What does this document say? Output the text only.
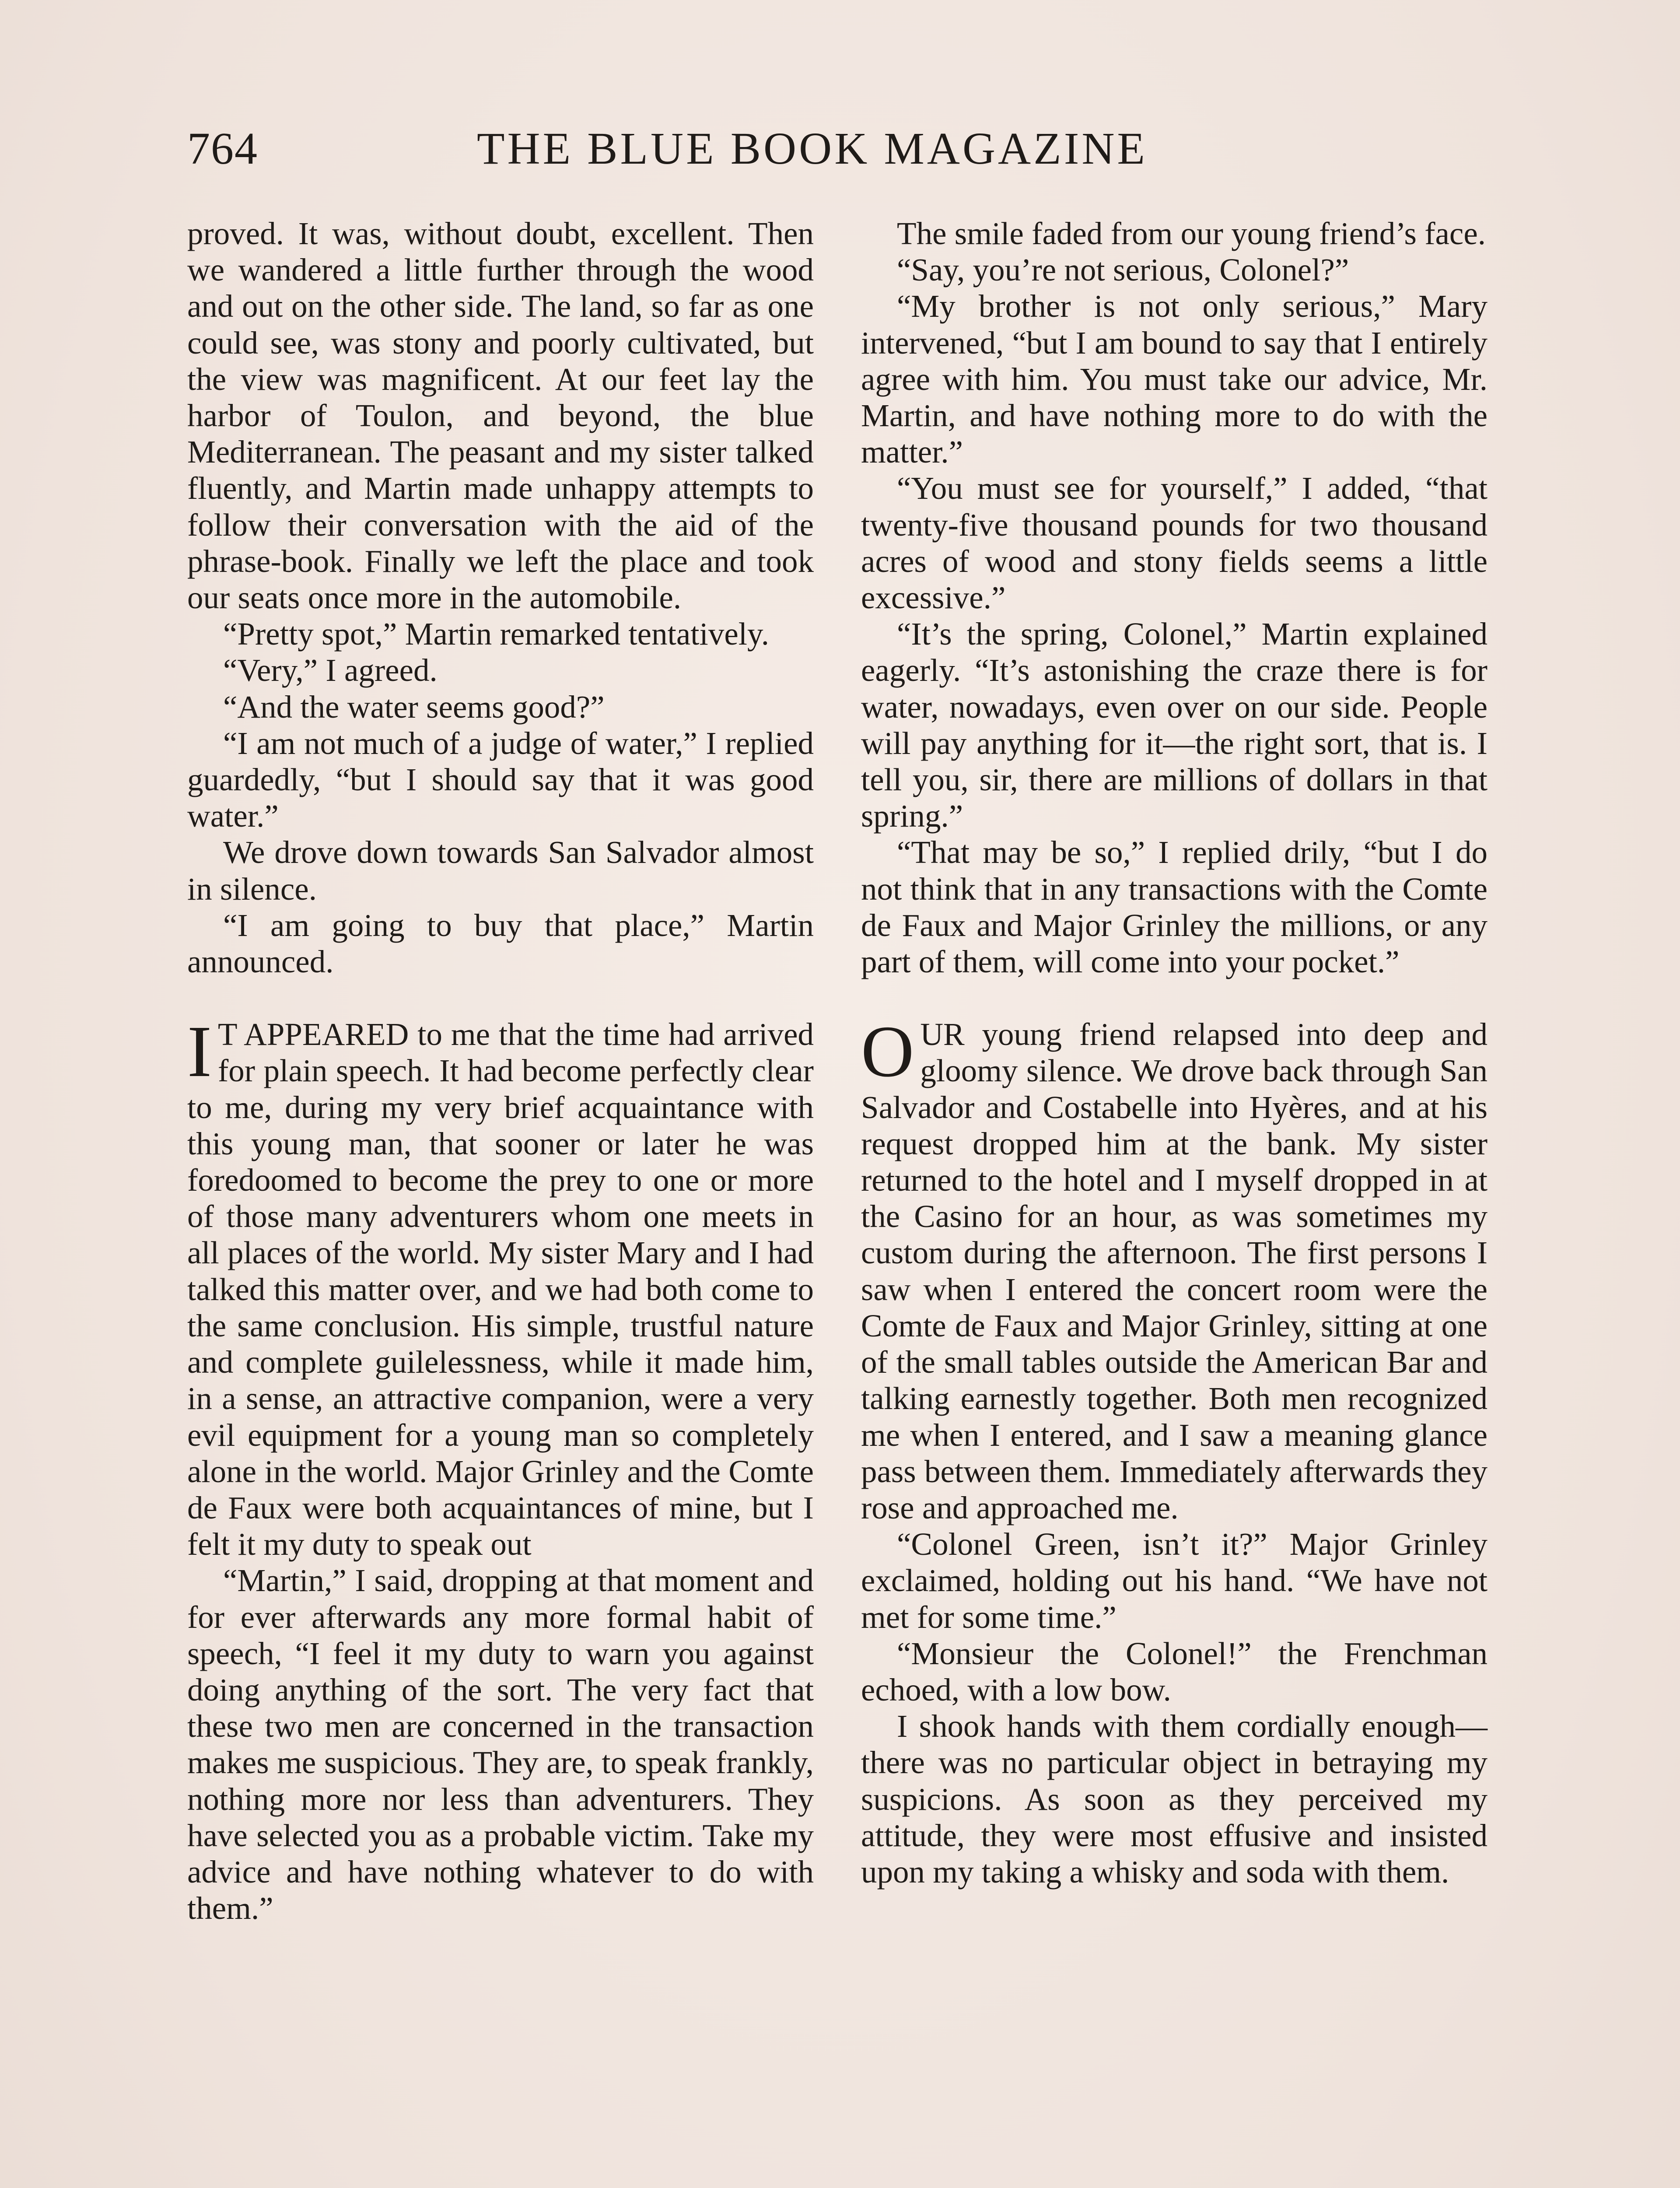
764	THE BLUE BOOK MAGAZINE

proved. It was, without doubt, excellent. Then we wandered a little further through the wood and out on the other side. The land, so far as one could see, was stony and poorly cultivated, but the view was magnificent. At our feet lay the harbor of Toulon, and beyond, the blue Mediterranean. The peasant and my sister talked fluently, and Martin made unhappy attempts to follow their conversation with the aid of the phrase-book. Finally we left the place and took our seats once more in the automobile.

“Pretty spot,” Martin remarked tentatively.

“Very,” I agreed.

“And the water seems good?”

“I am not much of a judge of water,” I replied guardedly, “but I should say that it was good water.”

We drove down towards San Salvador almost in silence.

“I am going to buy that place,” Martin announced.

I T APPEARED to me that the time had arrived for plain speech. It had become perfectly clear to me, during my very brief acquaintance with this young man, that sooner or later he was foredoomed to become the prey to one or more of those many adventurers whom one meets in all places of the world. My sister Mary and I had talked this matter over, and we had both come to the same conclusion. His simple, trustful nature and complete guilelessness, while it made him, in a sense, an attractive companion, were a very evil equipment for a young man so completely alone in the world. Major Grinley and the Comte de Faux were both acquaintances of mine, but I felt it my duty to speak out

“Martin,” I said, dropping at that moment and for ever afterwards any more formal habit of speech, “I feel it my duty to warn you against doing anything of the sort. The very fact that these two men are concerned in the transaction makes me suspicious. They are, to speak frankly, nothing more nor less than adventurers. They have selected you as a probable victim. Take my advice and have nothing whatever to do with them.”

The smile faded from our young friend’s face.

“Say, you’re not serious, Colonel?”

“My brother is not only serious,” Mary intervened, “but I am bound to say that I entirely agree with him. You must take our advice, Mr. Martin, and have nothing more to do with the matter.”

“You must see for yourself,” I added, “that twenty-five thousand pounds for two thousand acres of wood and stony fields seems a little excessive.”

“It’s the spring, Colonel,” Martin explained eagerly. “It’s astonishing the craze there is for water, nowadays, even over on our side. People will pay anything for it—the right sort, that is. I tell you, sir, there are millions of dollars in that spring.”

“That may be so,” I replied drily, “but I do not think that in any transactions with the Comte de Faux and Major Grinley the millions, or any part of them, will come into your pocket.”

OUR young friend relapsed into deep and gloomy silence. We drove back through San Salvador and Costabelle into Hyères, and at his request dropped him at the bank. My sister returned to the hotel and I myself dropped in at the Casino for an hour, as was sometimes my custom during the afternoon. The first persons I saw when I entered the concert room were the Comte de Faux and Major Grinley, sitting at one of the small tables outside the American Bar and talking earnestly together. Both men recognized me when I entered, and I saw a meaning glance pass between them. Immediately afterwards they rose and approached me.

“Colonel Green, isn’t it?” Major Grinley exclaimed, holding out his hand. “We have not met for some time.”

“Monsieur the Colonel!” the Frenchman echoed, with a low bow.

I shook hands with them cordially enough—there was no particular object in betraying my suspicions. As soon as they perceived my attitude, they were most effusive and insisted upon my taking a whisky and soda with them.
